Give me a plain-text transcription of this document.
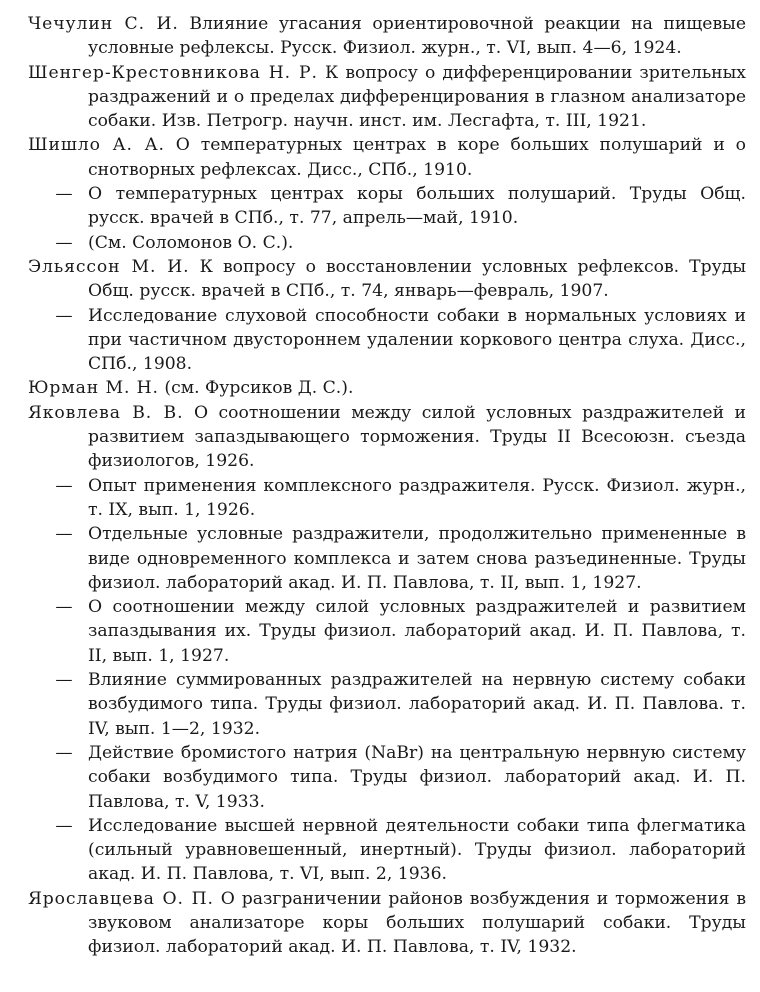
Чечулин С. И. Влияние угасания ориентировочной реакции на пищевые условные рефлексы. Русск. Физиол. журн., т. VI, вып. 4—6, 1924.

Шенгер-Крестовникова Н. Р. К вопросу о дифференцировании зрительных раздражений и о пределах дифференцирования в глазном анализаторе собаки. Изв. Петрогр. научн. инст. им. Лесгафта, т. III, 1921.

Шишло А. А. О температурных центрах в коре больших полушарий и о снотворных рефлексах. Дисс., СПб., 1910.

— О температурных центрах коры больших полушарий. Труды Общ. русск. врачей в СПб., т. 77, апрель—май, 1910.

— (См. Соломонов О. С.).

Эльяссон М. И. К вопросу о восстановлении условных рефлексов. Труды Общ. русск. врачей в СПб., т. 74, январь—февраль, 1907.

— Исследование слуховой способности собаки в нормальных условиях и при частичном двустороннем удалении коркового центра слуха. Дисс., СПб., 1908.

Юрман М. Н. (см. Фурсиков Д. С.).

Яковлева В. В. О соотношении между силой условных раздражителей и развитием запаздывающего торможения. Труды II Всесоюзн. съезда физиологов, 1926.

— Опыт применения комплексного раздражителя. Русск. Физиол. журн., т. IX, вып. 1, 1926.

— Отдельные условные раздражители, продолжительно примененные в виде одновременного комплекса и затем снова разъединенные. Труды физиол. лабораторий акад. И. П. Павлова, т. II, вып. 1, 1927.

— О соотношении между силой условных раздражителей и развитием запаздывания их. Труды физиол. лабораторий акад. И. П. Павлова, т. II, вып. 1, 1927.

— Влияние суммированных раздражителей на нервную систему собаки возбудимого типа. Труды физиол. лабораторий акад. И. П. Павлова. т. IV, вып. 1—2, 1932.

— Действие бромистого натрия (NaBr) на центральную нервную систему собаки возбудимого типа. Труды физиол. лабораторий акад. И. П. Павлова, т. V, 1933.

— Исследование высшей нервной деятельности собаки типа флегматика (сильный уравновешенный, инертный). Труды физиол. лабораторий акад. И. П. Павлова, т. VI, вып. 2, 1936.

Ярославцева О. П. О разграничении районов возбуждения и торможения в звуковом анализаторе коры больших полушарий собаки. Труды физиол. лабораторий акад. И. П. Павлова, т. IV, 1932.
